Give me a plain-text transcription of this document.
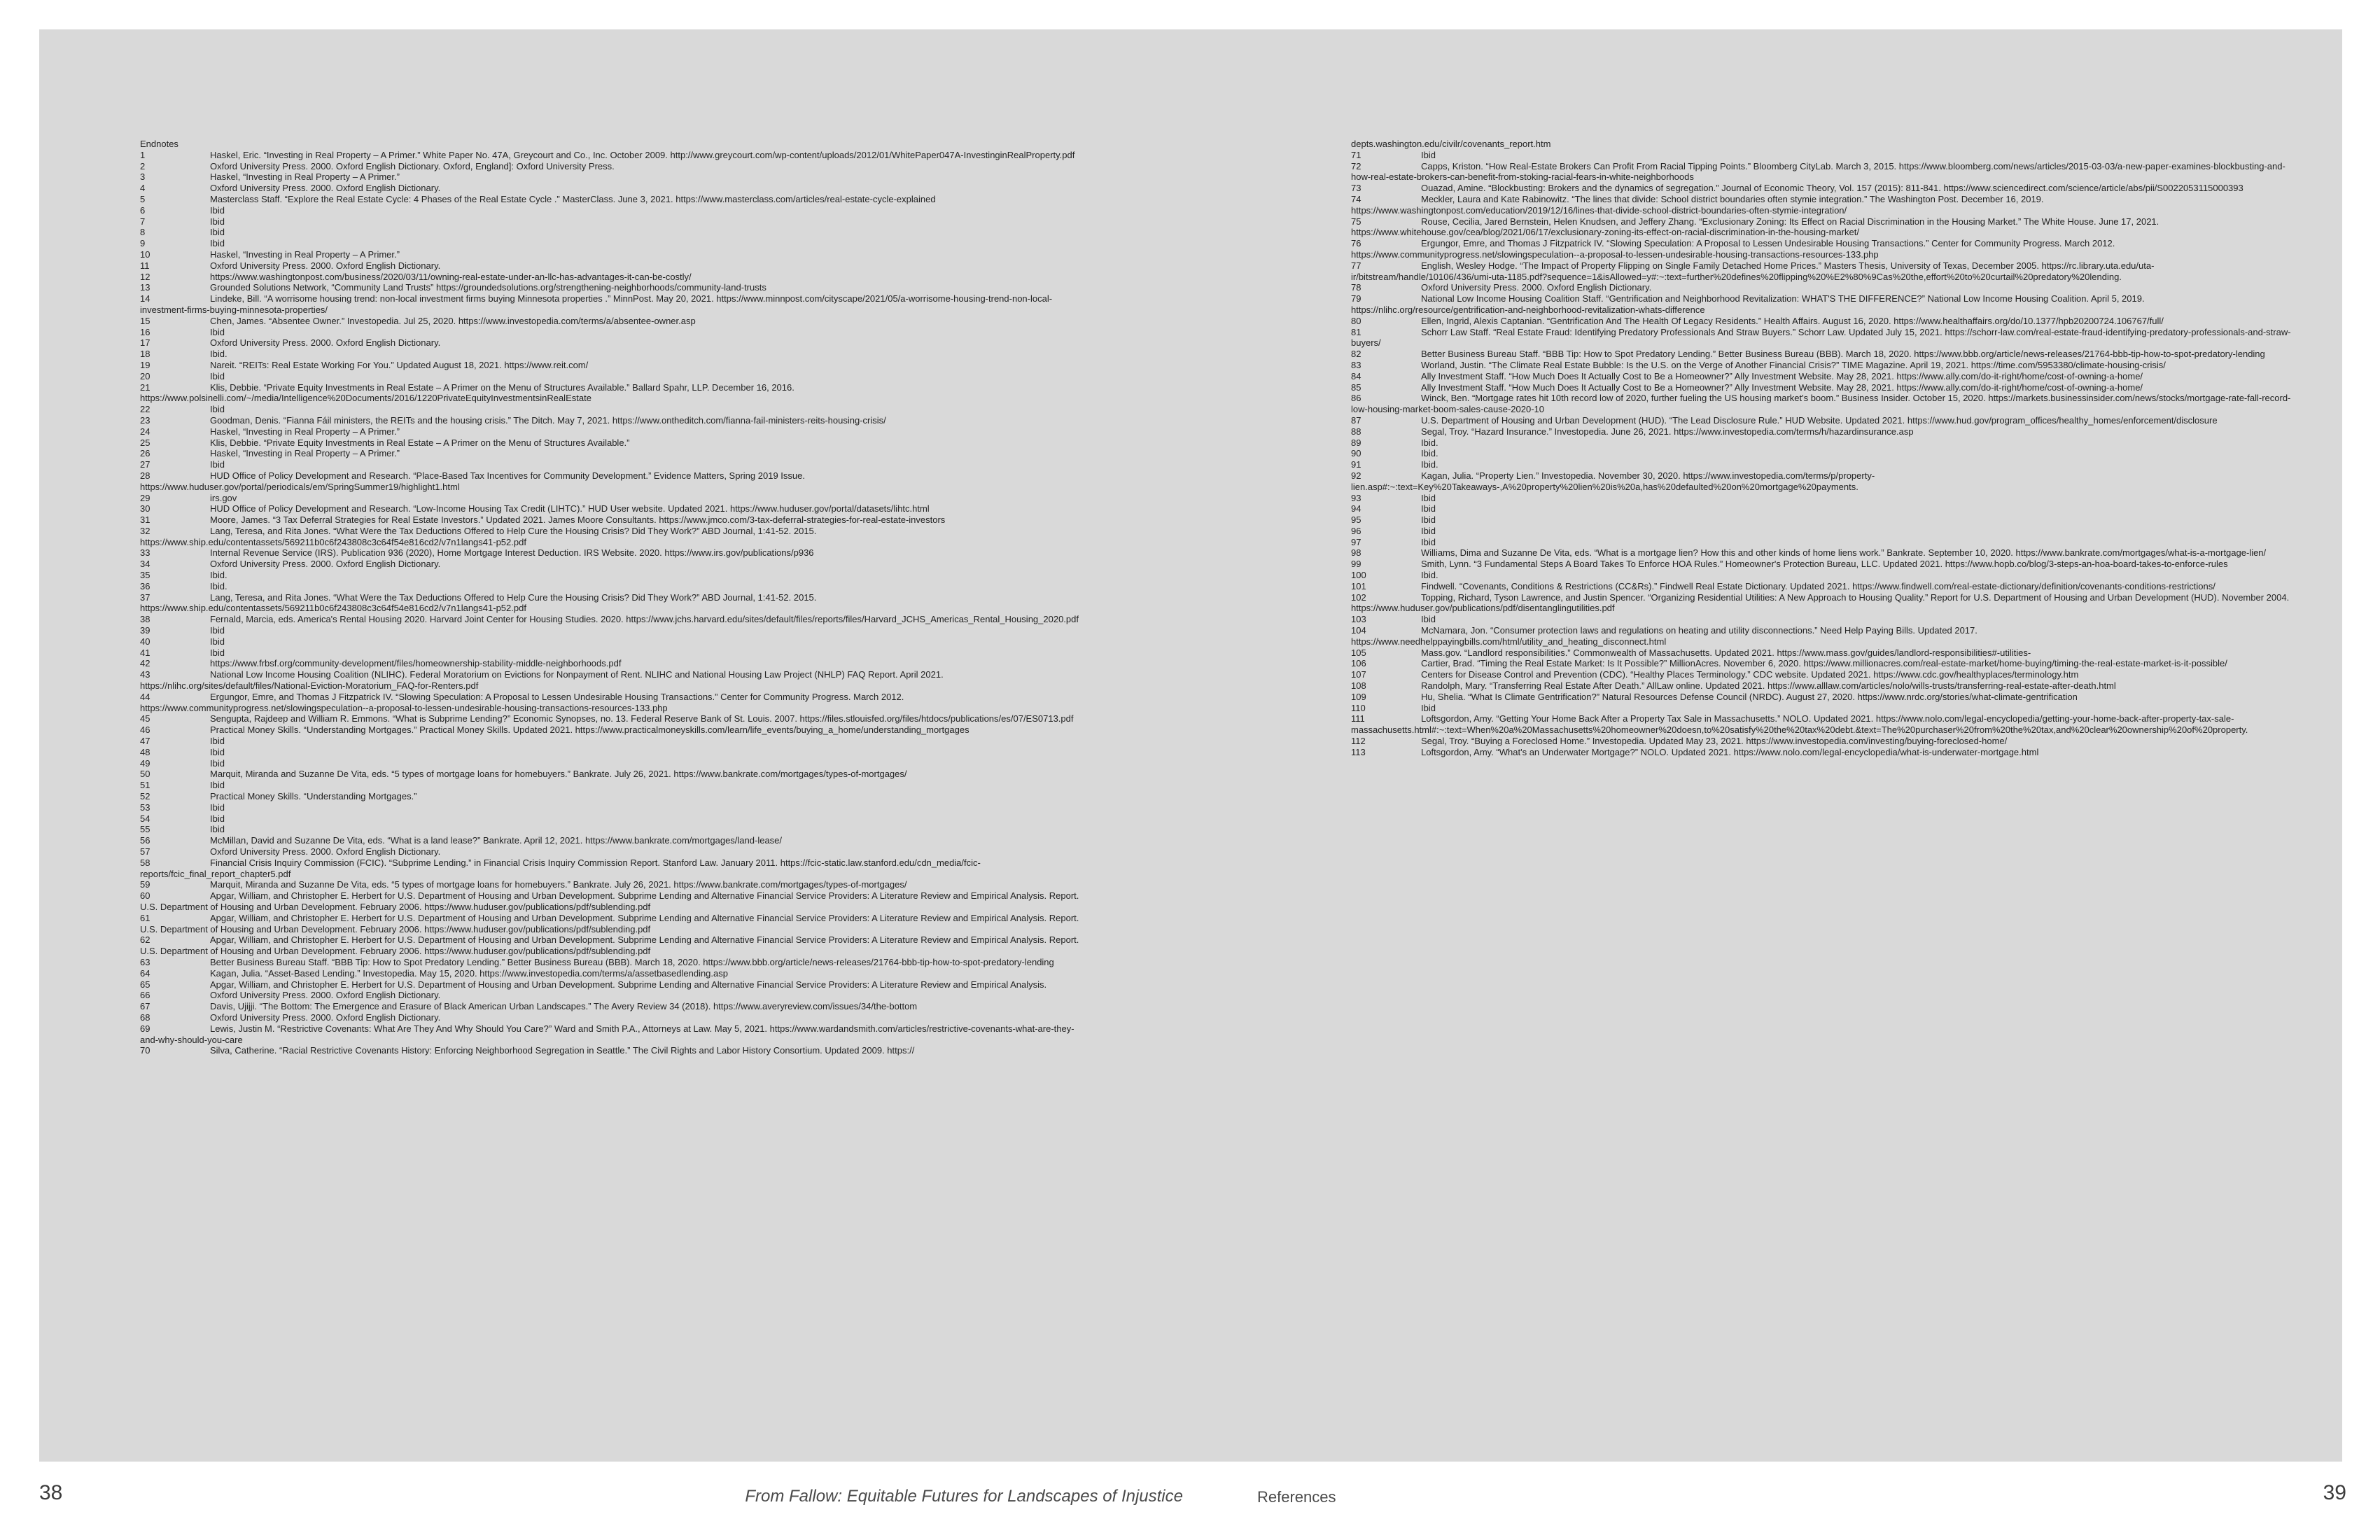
Endnotes
1	Haskel, Eric. “Investing in Real Property – A Primer.” White Paper No. 47A, Greycourt and Co., Inc. October 2009. http://www.greycourt.com/wp-content/uploads/2012/01/WhitePaper047A-InvestinginRealProperty.pdf
2	Oxford University Press. 2000. Oxford English Dictionary. Oxford, England]: Oxford University Press.
3	Haskel, “Investing in Real Property – A Primer.”
4	Oxford University Press. 2000. Oxford English Dictionary.
5	Masterclass Staff. “Explore the Real Estate Cycle: 4 Phases of the Real Estate Cycle .” MasterClass. June 3, 2021. https://www.masterclass.com/articles/real-estate-cycle-explained
6	Ibid
7	Ibid
8	Ibid
9	Ibid
10	Haskel, “Investing in Real Property – A Primer.”
11	Oxford University Press. 2000. Oxford English Dictionary.
12	https://www.washingtonpost.com/business/2020/03/11/owning-real-estate-under-an-llc-has-advantages-it-can-be-costly/
13	Grounded Solutions Network, “Community Land Trusts” https://groundedsolutions.org/strengthening-neighborhoods/community-land-trusts
14	Lindeke, Bill. “A worrisome housing trend: non-local investment firms buying Minnesota properties .” MinnPost. May 20, 2021. https://www.minnpost.com/cityscape/2021/05/a-worrisome-housing-trend-non-local-investment-firms-buying-minnesota-properties/
15	Chen, James. “Absentee Owner.” Investopedia. Jul 25, 2020. https://www.investopedia.com/terms/a/absentee-owner.asp
16	Ibid
17	Oxford University Press. 2000. Oxford English Dictionary.
18	Ibid.
19	Nareit. “REITs: Real Estate Working For You.” Updated August 18, 2021. https://www.reit.com/
20	Ibid
21	Klis, Debbie. “Private Equity Investments in Real Estate – A Primer on the Menu of Structures Available.” Ballard Spahr, LLP. December 16, 2016. https://www.polsinelli.com/~/media/Intelligence%20Documents/2016/1220PrivateEquityInvestmentsinRealEstate
22	Ibid
23	Goodman, Denis. “Fianna Fáil ministers, the REITs and the housing crisis.” The Ditch. May 7, 2021. https://www.ontheditch.com/fianna-fail-ministers-reits-housing-crisis/
24	Haskel, “Investing in Real Property – A Primer.”
25	Klis, Debbie. “Private Equity Investments in Real Estate – A Primer on the Menu of Structures Available.”
26	Haskel, “Investing in Real Property – A Primer.”
27	Ibid
28	HUD Office of Policy Development and Research. “Place-Based Tax Incentives for Community Development.” Evidence Matters, Spring 2019 Issue. https://www.huduser.gov/portal/periodicals/em/SpringSummer19/highlight1.html
29	irs.gov
30	HUD Office of Policy Development and Research. “Low-Income Housing Tax Credit (LIHTC).” HUD User website. Updated 2021. https://www.huduser.gov/portal/datasets/lihtc.html
31	Moore, James. “3 Tax Deferral Strategies for Real Estate Investors.” Updated 2021. James Moore Consultants. https://www.jmco.com/3-tax-deferral-strategies-for-real-estate-investors
32	Lang, Teresa, and Rita Jones. “What Were the Tax Deductions Offered to Help Cure the Housing Crisis? Did They Work?” ABD Journal, 1:41-52. 2015. https://www.ship.edu/contentassets/569211b0c6f243808c3c64f54e816cd2/v7n1langs41-p52.pdf
33	Internal Revenue Service (IRS). Publication 936 (2020), Home Mortgage Interest Deduction. IRS Website. 2020. https://www.irs.gov/publications/p936
34	Oxford University Press. 2000. Oxford English Dictionary.
35	Ibid.
36	Ibid.
37	Lang, Teresa, and Rita Jones. “What Were the Tax Deductions Offered to Help Cure the Housing Crisis? Did They Work?” ABD Journal, 1:41-52. 2015. https://www.ship.edu/contentassets/569211b0c6f243808c3c64f54e816cd2/v7n1langs41-p52.pdf
38	Fernald, Marcia, eds. America's Rental Housing 2020. Harvard Joint Center for Housing Studies. 2020. https://www.jchs.harvard.edu/sites/default/files/reports/files/Harvard_JCHS_Americas_Rental_Housing_2020.pdf
39	Ibid
40	Ibid
41	Ibid
42	https://www.frbsf.org/community-development/files/homeownership-stability-middle-neighborhoods.pdf
43	National Low Income Housing Coalition (NLIHC). Federal Moratorium on Evictions for Nonpayment of Rent. NLIHC and National Housing Law Project (NHLP) FAQ Report. April 2021. https://nlihc.org/sites/default/files/National-Eviction-Moratorium_FAQ-for-Renters.pdf
44	Ergungor, Emre, and Thomas J Fitzpatrick IV. “Slowing Speculation: A Proposal to Lessen Undesirable Housing Transactions.” Center for Community Progress. March 2012. https://www.communityprogress.net/slowingspeculation--a-proposal-to-lessen-undesirable-housing-transactions-resources-133.php
45	Sengupta, Rajdeep and William R. Emmons. “What is Subprime Lending?” Economic Synopses, no. 13. Federal Reserve Bank of St. Louis. 2007. https://files.stlouisfed.org/files/htdocs/publications/es/07/ES0713.pdf
46	Practical Money Skills. “Understanding Mortgages.” Practical Money Skills. Updated 2021. https://www.practicalmoneyskills.com/learn/life_events/buying_a_home/understanding_mortgages
47	Ibid
48	Ibid
49	Ibid
50	Marquit, Miranda and Suzanne De Vita, eds. “5 types of mortgage loans for homebuyers.” Bankrate. July 26, 2021. https://www.bankrate.com/mortgages/types-of-mortgages/
51	Ibid
52	Practical Money Skills. “Understanding Mortgages.”
53	Ibid
54	Ibid
55	Ibid
56	McMillan, David and Suzanne De Vita, eds. “What is a land lease?” Bankrate. April 12, 2021. https://www.bankrate.com/mortgages/land-lease/
57	Oxford University Press. 2000. Oxford English Dictionary.
58	Financial Crisis Inquiry Commission (FCIC). “Subprime Lending.” in Financial Crisis Inquiry Commission Report. Stanford Law. January 2011. https://fcic-static.law.stanford.edu/cdn_media/fcic-reports/fcic_final_report_chapter5.pdf
59	Marquit, Miranda and Suzanne De Vita, eds. “5 types of mortgage loans for homebuyers.” Bankrate. July 26, 2021. https://www.bankrate.com/mortgages/types-of-mortgages/
60	Apgar, William, and Christopher E. Herbert for U.S. Department of Housing and Urban Development. Subprime Lending and Alternative Financial Service Providers: A Literature Review and Empirical Analysis. Report. U.S. Department of Housing and Urban Development. February 2006. https://www.huduser.gov/publications/pdf/sublending.pdf
61	Apgar, William, and Christopher E. Herbert for U.S. Department of Housing and Urban Development. Subprime Lending and Alternative Financial Service Providers: A Literature Review and Empirical Analysis. Report. U.S. Department of Housing and Urban Development. February 2006. https://www.huduser.gov/publications/pdf/sublending.pdf
62	Apgar, William, and Christopher E. Herbert for U.S. Department of Housing and Urban Development. Subprime Lending and Alternative Financial Service Providers: A Literature Review and Empirical Analysis. Report. U.S. Department of Housing and Urban Development. February 2006. https://www.huduser.gov/publications/pdf/sublending.pdf
63	Better Business Bureau Staff. “BBB Tip: How to Spot Predatory Lending.” Better Business Bureau (BBB). March 18, 2020. https://www.bbb.org/article/news-releases/21764-bbb-tip-how-to-spot-predatory-lending
64	Kagan, Julia. “Asset-Based Lending.” Investopedia. May 15, 2020. https://www.investopedia.com/terms/a/assetbasedlending.asp
65	Apgar, William, and Christopher E. Herbert for U.S. Department of Housing and Urban Development. Subprime Lending and Alternative Financial Service Providers: A Literature Review and Empirical Analysis.
66	Oxford University Press. 2000. Oxford English Dictionary.
67	Davis, Ujijji. “The Bottom: The Emergence and Erasure of Black American Urban Landscapes.” The Avery Review 34 (2018). https://www.averyreview.com/issues/34/the-bottom
68	Oxford University Press. 2000. Oxford English Dictionary.
69	Lewis, Justin M. “Restrictive Covenants: What Are They And Why Should You Care?” Ward and Smith P.A., Attorneys at Law. May 5, 2021. https://www.wardandsmith.com/articles/restrictive-covenants-what-are-they-and-why-should-you-care
70	Silva, Catherine. “Racial Restrictive Covenants History: Enforcing Neighborhood Segregation in Seattle.” The Civil Rights and Labor History Consortium. Updated 2009. https://
depts.washington.edu/civilr/covenants_report.htm
71	Ibid
72	Capps, Kriston. “How Real-Estate Brokers Can Profit From Racial Tipping Points.” Bloomberg CityLab. March 3, 2015. https://www.bloomberg.com/news/articles/2015-03-03/a-new-paper-examines-blockbusting-and-how-real-estate-brokers-can-benefit-from-stoking-racial-fears-in-white-neighborhoods
73	Ouazad, Amine. “Blockbusting: Brokers and the dynamics of segregation.” Journal of Economic Theory, Vol. 157 (2015): 811-841. https://www.sciencedirect.com/science/article/abs/pii/S0022053115000393
74	Meckler, Laura and Kate Rabinowitz. “The lines that divide: School district boundaries often stymie integration.” The Washington Post. December 16, 2019. https://www.washingtonpost.com/education/2019/12/16/lines-that-divide-school-district-boundaries-often-stymie-integration/
75	Rouse, Cecilia, Jared Bernstein, Helen Knudsen, and Jeffery Zhang. “Exclusionary Zoning: Its Effect on Racial Discrimination in the Housing Market.” The White House. June 17, 2021. https://www.whitehouse.gov/cea/blog/2021/06/17/exclusionary-zoning-its-effect-on-racial-discrimination-in-the-housing-market/
76	Ergungor, Emre, and Thomas J Fitzpatrick IV. “Slowing Speculation: A Proposal to Lessen Undesirable Housing Transactions.” Center for Community Progress. March 2012. https://www.communityprogress.net/slowingspeculation--a-proposal-to-lessen-undesirable-housing-transactions-resources-133.php
77	English, Wesley Hodge. “The Impact of Property Flipping on Single Family Detached Home Prices.” Masters Thesis, University of Texas, December 2005. https://rc.library.uta.edu/uta-ir/bitstream/handle/10106/436/umi-uta-1185.pdf?sequence=1&isAllowed=y#:~:text=further%20defines%20flipping%20%E2%80%9Cas%20the,effort%20to%20curtail%20predatory%20lending.
78	Oxford University Press. 2000. Oxford English Dictionary.
79	National Low Income Housing Coalition Staff. “Gentrification and Neighborhood Revitalization: WHAT'S THE DIFFERENCE?” National Low Income Housing Coalition. April 5, 2019. https://nlihc.org/resource/gentrification-and-neighborhood-revitalization-whats-difference
80	Ellen, Ingrid, Alexis Captanian. “Gentrification And The Health Of Legacy Residents.” Health Affairs. August 16, 2020. https://www.healthaffairs.org/do/10.1377/hpb20200724.106767/full/
81	Schorr Law Staff. “Real Estate Fraud: Identifying Predatory Professionals And Straw Buyers.” Schorr Law. Updated July 15, 2021. https://schorr-law.com/real-estate-fraud-identifying-predatory-professionals-and-straw-buyers/
82	Better Business Bureau Staff. “BBB Tip: How to Spot Predatory Lending.” Better Business Bureau (BBB). March 18, 2020. https://www.bbb.org/article/news-releases/21764-bbb-tip-how-to-spot-predatory-lending
83	Worland, Justin. “The Climate Real Estate Bubble: Is the U.S. on the Verge of Another Financial Crisis?” TIME Magazine. April 19, 2021. https://time.com/5953380/climate-housing-crisis/
84	Ally Investment Staff. “How Much Does It Actually Cost to Be a Homeowner?” Ally Investment Website. May 28, 2021. https://www.ally.com/do-it-right/home/cost-of-owning-a-home/
85	Ally Investment Staff. “How Much Does It Actually Cost to Be a Homeowner?” Ally Investment Website. May 28, 2021. https://www.ally.com/do-it-right/home/cost-of-owning-a-home/
86	Winck, Ben. “Mortgage rates hit 10th record low of 2020, further fueling the US housing market's boom.” Business Insider. October 15, 2020. https://markets.businessinsider.com/news/stocks/mortgage-rate-fall-record-low-housing-market-boom-sales-cause-2020-10
87	U.S. Department of Housing and Urban Development (HUD). “The Lead Disclosure Rule.” HUD Website. Updated 2021. https://www.hud.gov/program_offices/healthy_homes/enforcement/disclosure
88	Segal, Troy. “Hazard Insurance.” Investopedia. June 26, 2021. https://www.investopedia.com/terms/h/hazardinsurance.asp
89	Ibid.
90	Ibid.
91	Ibid.
92	Kagan, Julia. “Property Lien.” Investopedia. November 30, 2020. https://www.investopedia.com/terms/p/property-lien.asp#:~:text=Key%20Takeaways-,A%20property%20lien%20is%20a,has%20defaulted%20on%20mortgage%20payments.
93	Ibid
94	Ibid
95	Ibid
96	Ibid
97	Ibid
98	Williams, Dima and Suzanne De Vita, eds. “What is a mortgage lien? How this and other kinds of home liens work.” Bankrate. September 10, 2020. https://www.bankrate.com/mortgages/what-is-a-mortgage-lien/
99	Smith, Lynn. “3 Fundamental Steps A Board Takes To Enforce HOA Rules.” Homeowner's Protection Bureau, LLC. Updated 2021. https://www.hopb.co/blog/3-steps-an-hoa-board-takes-to-enforce-rules
100	Ibid.
101	Findwell. “Covenants, Conditions & Restrictions (CC&Rs).” Findwell Real Estate Dictionary. Updated 2021. https://www.findwell.com/real-estate-dictionary/definition/covenants-conditions-restrictions/
102	Topping, Richard, Tyson Lawrence, and Justin Spencer. “Organizing Residential Utilities: A New Approach to Housing Quality.” Report for U.S. Department of Housing and Urban Development (HUD). November 2004. https://www.huduser.gov/publications/pdf/disentanglingutilities.pdf
103	Ibid
104	McNamara, Jon. “Consumer protection laws and regulations on heating and utility disconnections.” Need Help Paying Bills. Updated 2017. https://www.needhelppayingbills.com/html/utility_and_heating_disconnect.html
105	Mass.gov. “Landlord responsibilities.” Commonwealth of Massachusetts. Updated 2021. https://www.mass.gov/guides/landlord-responsibilities#-utilities-
106	Cartier, Brad. “Timing the Real Estate Market: Is It Possible?” MillionAcres. November 6, 2020. https://www.millionacres.com/real-estate-market/home-buying/timing-the-real-estate-market-is-it-possible/
107	Centers for Disease Control and Prevention (CDC). “Healthy Places Terminology.” CDC website. Updated 2021. https://www.cdc.gov/healthyplaces/terminology.htm
108	Randolph, Mary. “Transferring Real Estate After Death.” AllLaw online. Updated 2021. https://www.alllaw.com/articles/nolo/wills-trusts/transferring-real-estate-after-death.html
109	Hu, Shelia. “What Is Climate Gentrification?” Natural Resources Defense Council (NRDC). August 27, 2020. https://www.nrdc.org/stories/what-climate-gentrification
110	Ibid
111	Loftsgordon, Amy. “Getting Your Home Back After a Property Tax Sale in Massachusetts.” NOLO. Updated 2021. https://www.nolo.com/legal-encyclopedia/getting-your-home-back-after-property-tax-sale-massachusetts.html#:~:text=When%20a%20Massachusetts%20homeowner%20doesn,to%20satisfy%20the%20tax%20debt.&text=The%20purchaser%20from%20the%20tax,and%20clear%20ownership%20of%20property.
112	Segal, Troy. “Buying a Foreclosed Home.” Investopedia. Updated May 23, 2021. https://www.investopedia.com/investing/buying-foreclosed-home/
113	Loftsgordon, Amy. “What's an Underwater Mortgage?” NOLO. Updated 2021. https://www.nolo.com/legal-encyclopedia/what-is-underwater-mortgage.html
38	From Fallow: Equitable Futures for Landscapes of Injustice	References	39
